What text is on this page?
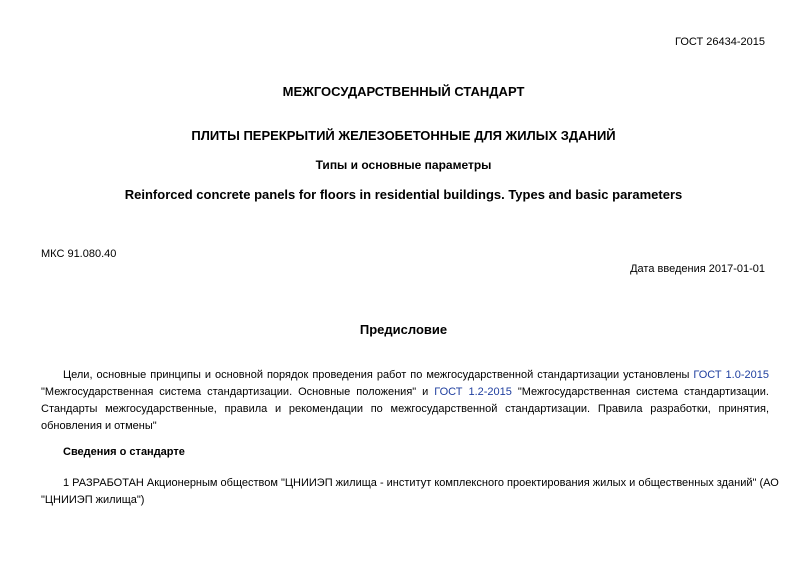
ГОСТ 26434-2015
МЕЖГОСУДАРСТВЕННЫЙ СТАНДАРТ
ПЛИТЫ ПЕРЕКРЫТИЙ ЖЕЛЕЗОБЕТОННЫЕ ДЛЯ ЖИЛЫХ ЗДАНИЙ
Типы и основные параметры
Reinforced concrete panels for floors in residential buildings. Types and basic parameters
МКС 91.080.40
Дата введения 2017-01-01
Предисловие
Цели, основные принципы и основной порядок проведения работ по межгосударственной стандартизации установлены ГОСТ 1.0-2015 "Межгосударственная система стандартизации. Основные положения" и ГОСТ 1.2-2015 "Межгосударственная система стандартизации. Стандарты межгосударственные, правила и рекомендации по межгосударственной стандартизации. Правила разработки, принятия, обновления и отмены"
Сведения о стандарте
1 РАЗРАБОТАН Акционерным обществом "ЦНИИЭП жилища - институт комплексного проектирования жилых и общественных зданий" (АО "ЦНИИЭП жилища")
